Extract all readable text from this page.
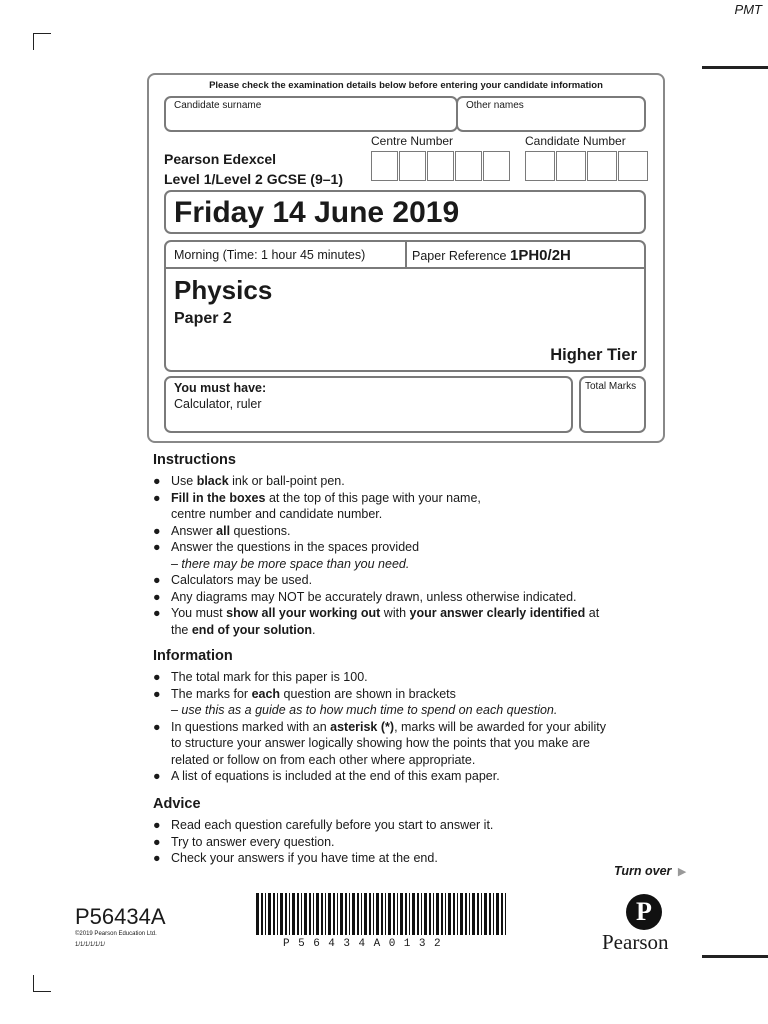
PMT
Please check the examination details below before entering your candidate information
Candidate surname	Other names
Centre Number	Candidate Number
Pearson Edexcel
Level 1/Level 2 GCSE (9–1)
Friday 14 June 2019
Morning (Time: 1 hour 45 minutes)	Paper Reference 1PH0/2H
Physics
Paper 2
Higher Tier
You must have:
Calculator, ruler
Total Marks
Instructions
● Use black ink or ball-point pen.
● Fill in the boxes at the top of this page with your name,
centre number and candidate number.
● Answer all questions.
● Answer the questions in the spaces provided
– there may be more space than you need.
● Calculators may be used.
● Any diagrams may NOT be accurately drawn, unless otherwise indicated.
● You must show all your working out with your answer clearly identified at
the end of your solution.
Information
● The total mark for this paper is 100.
● The marks for each question are shown in brackets
– use this as a guide as to how much time to spend on each question.
● In questions marked with an asterisk (*), marks will be awarded for your ability
to structure your answer logically showing how the points that you make are
related or follow on from each other where appropriate.
● A list of equations is included at the end of this exam paper.
Advice
● Read each question carefully before you start to answer it.
● Try to answer every question.
● Check your answers if you have time at the end.
Turn over ▶
P56434A
©2019 Pearson Education Ltd.
1/1/1/1/1/1/	P56434A0132
P
Pearson
